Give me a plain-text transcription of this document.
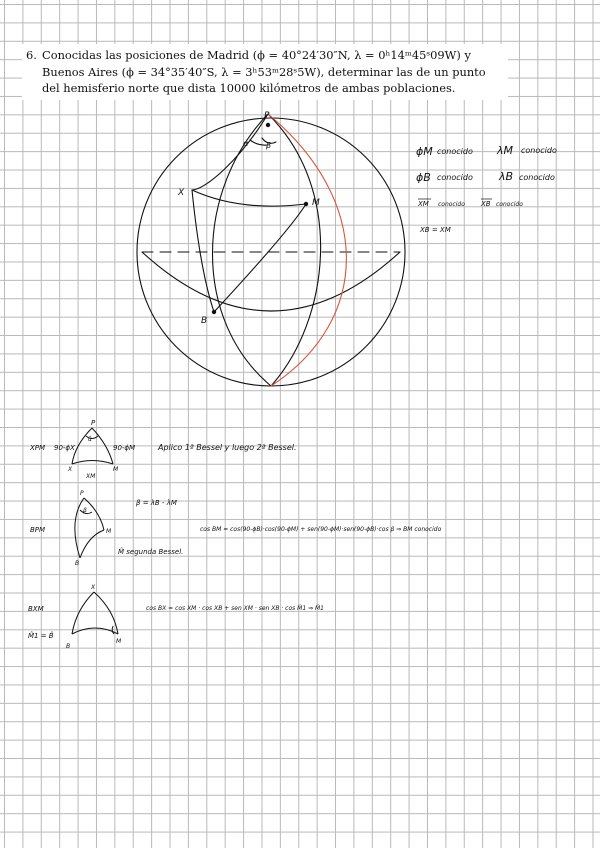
6. Conocidas las posiciones de Madrid (ϕ = 40°24′30″N, λ = 0ʰ14ᵐ45ˢ09W) y
Buenos Aires (ϕ = 34°35′40″S, λ = 3ʰ53ᵐ28ˢ5W), determinar las de un punto
del hemisferio norte que dista 10000 kilómetros de ambas poblaciones.
P
α β
X
M
B
ϕM conocido λM conocido
ϕB conocido λB conocido
XM conocido XB conocido
XB = XM
XPM
P
α̂
90-ϕX	90-ϕM
X	M
XM
Aplico 1ª Bessel y luego 2ª Bessel.
BPM
P
β
M
B
β = λB - λM
cos BM = cos(90-ϕB)·cos(90-ϕM) + sen(90-ϕM)·sen(90-ϕB)·cos β ⇒ BM conocido
M̂ segunda Bessel.
BXM
M̂1 = B̂
X
B
M
cos BX = cos XM · cos XB + sen XM · sen XB · cos M̂1 ⇒ M̂1
